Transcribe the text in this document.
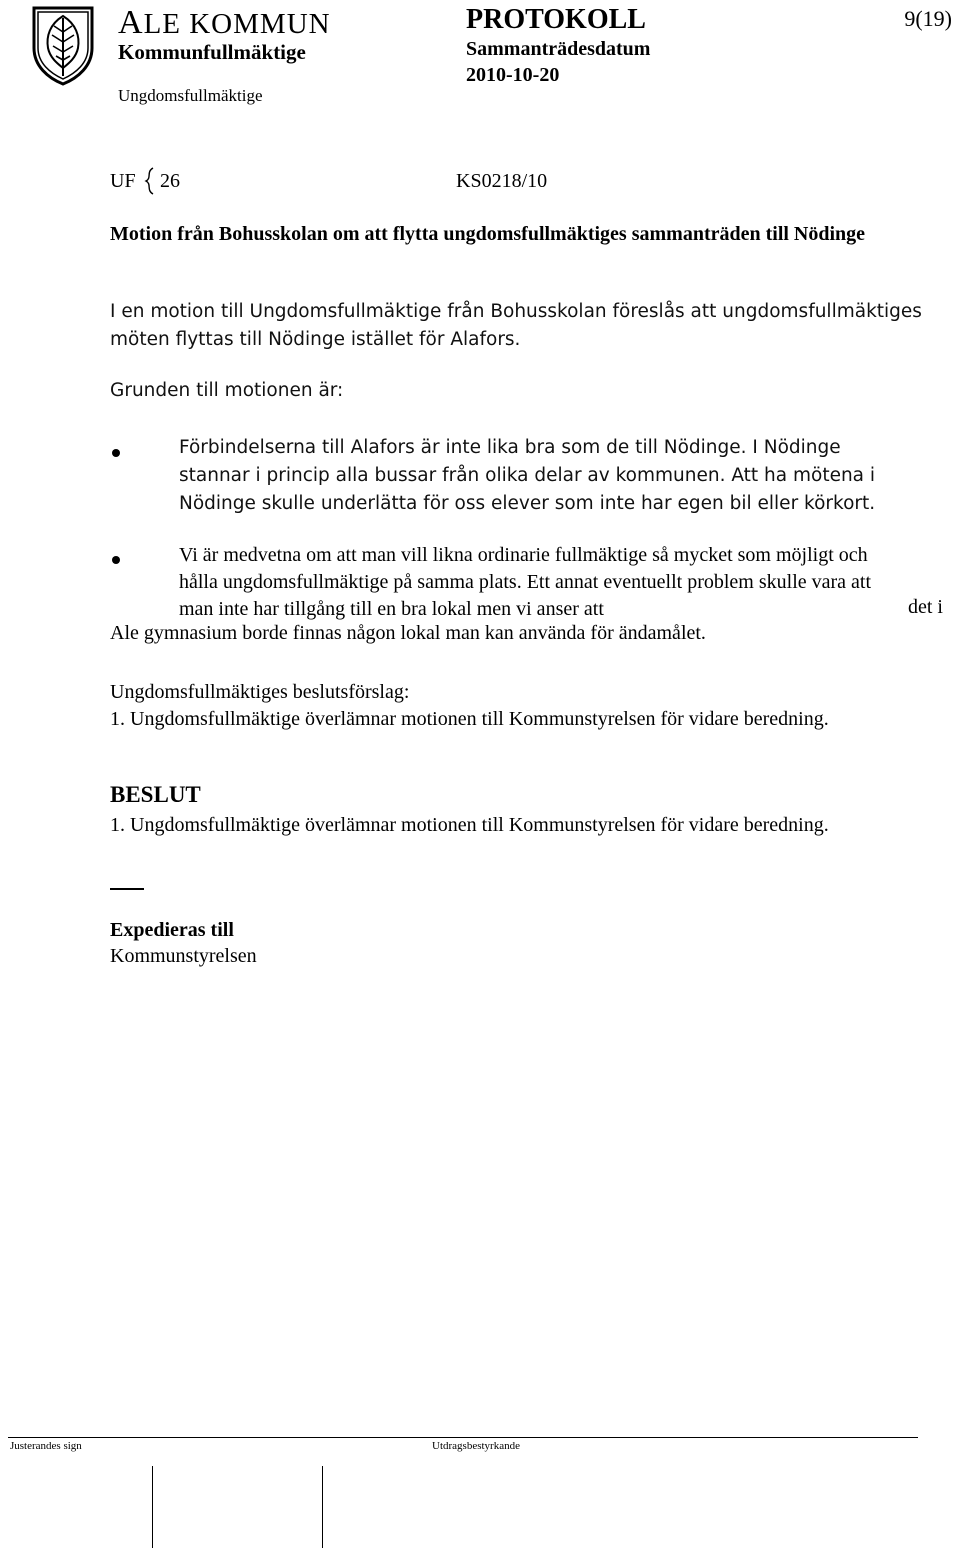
ALE KOMMUN
Kommunfullmäktige
Ungdomsfullmäktige
PROTOKOLL
Sammanträdesdatum
2010-10-20
9(19)
UF 26	KS0218/10
Motion från Bohusskolan om att flytta ungdomsfullmäktiges sammanträden till Nödinge
I en motion till Ungdomsfullmäktige från Bohusskolan föreslås att ungdomsfullmäktiges möten flyttas till Nödinge istället för Alafors.
Grunden till motionen är:
Förbindelserna till Alafors är inte lika bra som de till Nödinge. I Nödinge stannar i princip alla bussar från olika delar av kommunen. Att ha mötena i Nödinge skulle underlätta för oss elever som inte har egen bil eller körkort.
Vi är medvetna om att man vill likna ordinarie fullmäktige så mycket som möjligt och hålla ungdomsfullmäktige på samma plats. Ett annat eventuellt problem skulle vara att man inte har tillgång till en bra lokal men vi anser att	det i
Ale gymnasium borde finnas någon lokal man kan använda för ändamålet.
Ungdomsfullmäktiges beslutsförslag:
1. Ungdomsfullmäktige överlämnar motionen till Kommunstyrelsen för vidare beredning.
BESLUT
1. Ungdomsfullmäktige överlämnar motionen till Kommunstyrelsen för vidare beredning.
Expedieras till
Kommunstyrelsen
Justerandes sign	Utdragsbestyrkande
